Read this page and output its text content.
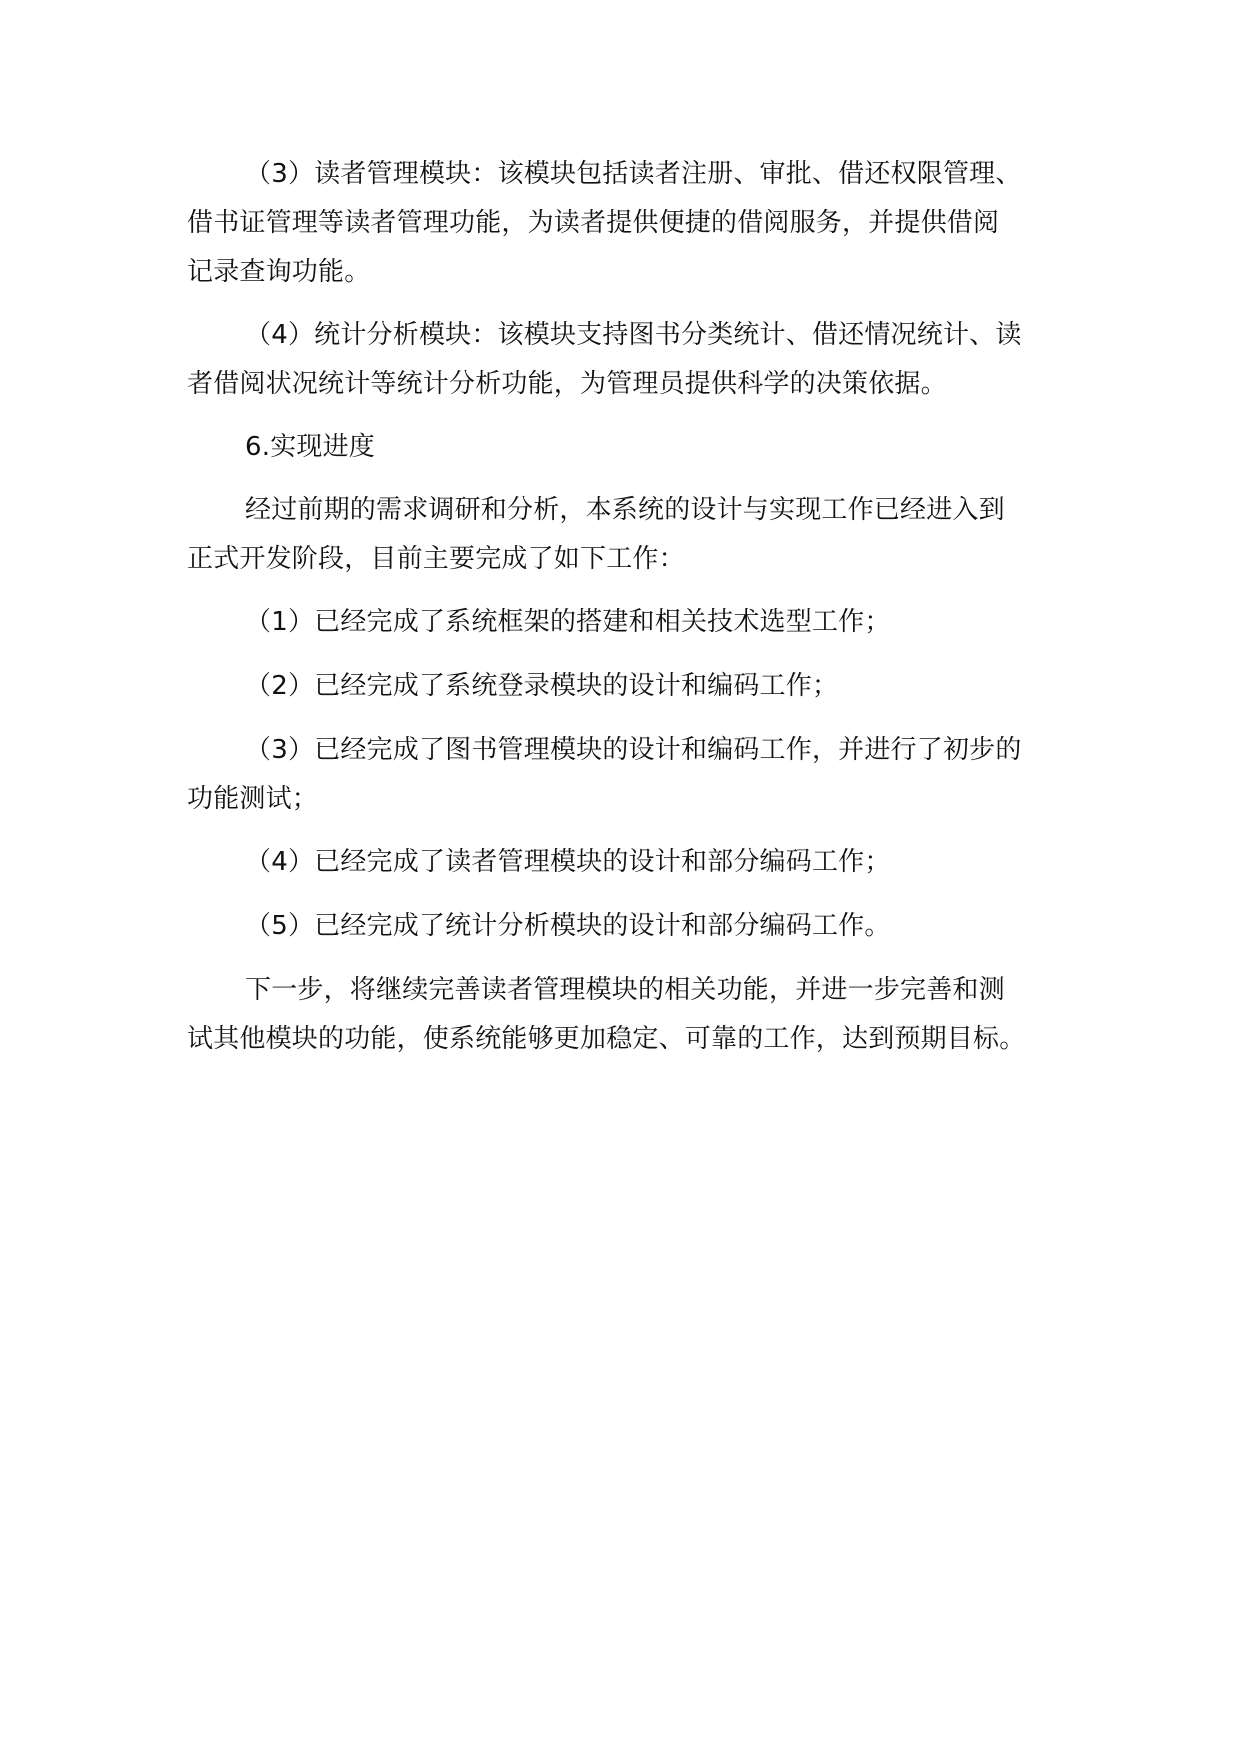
（3）读者管理模块：该模块包括读者注册、审批、借还权限管理、
借书证管理等读者管理功能，为读者提供便捷的借阅服务，并提供借阅
记录查询功能。

（4）统计分析模块：该模块支持图书分类统计、借还情况统计、读
者借阅状况统计等统计分析功能，为管理员提供科学的决策依据。

6.实现进度

经过前期的需求调研和分析，本系统的设计与实现工作已经进入到
正式开发阶段，目前主要完成了如下工作：

（1）已经完成了系统框架的搭建和相关技术选型工作；

（2）已经完成了系统登录模块的设计和编码工作；

（3）已经完成了图书管理模块的设计和编码工作，并进行了初步的
功能测试；

（4）已经完成了读者管理模块的设计和部分编码工作；

（5）已经完成了统计分析模块的设计和部分编码工作。

下一步，将继续完善读者管理模块的相关功能，并进一步完善和测
试其他模块的功能，使系统能够更加稳定、可靠的工作，达到预期目标。
